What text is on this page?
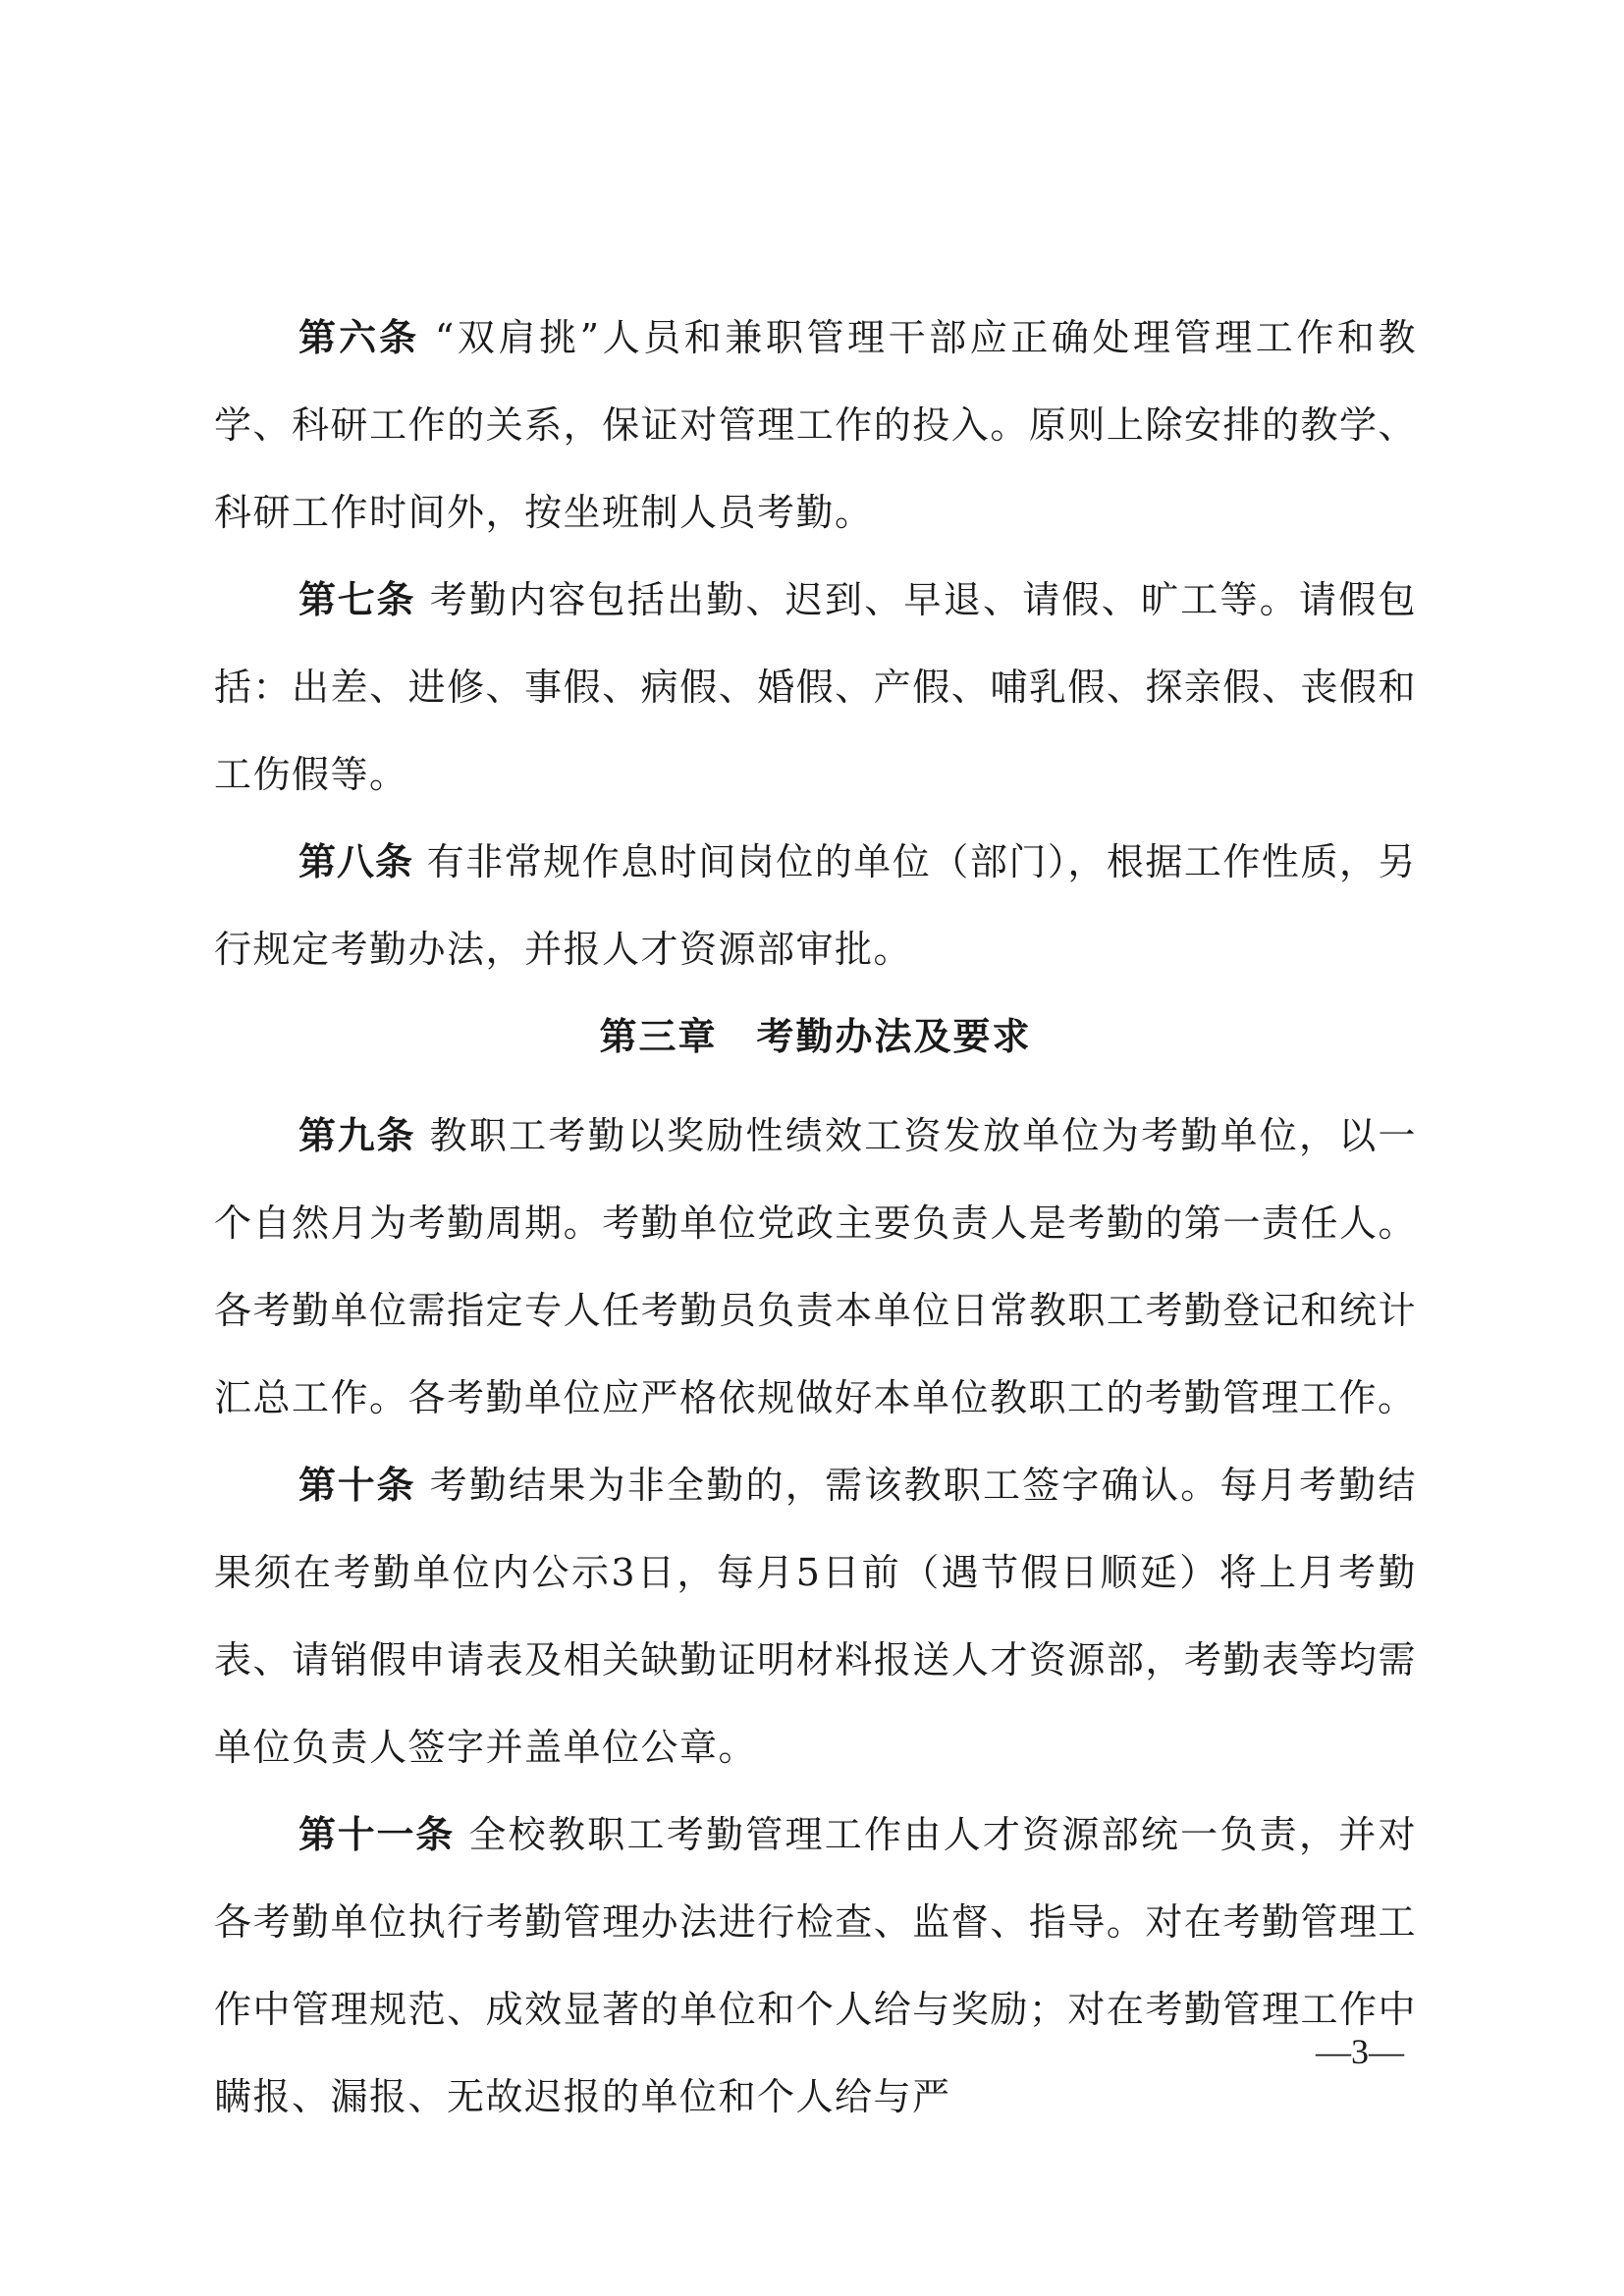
第六条 “双肩挑”人员和兼职管理干部应正确处理管理工作和教学、科研工作的关系，保证对管理工作的投入。原则上除安排的教学、科研工作时间外，按坐班制人员考勤。

第七条 考勤内容包括出勤、迟到、早退、请假、旷工等。请假包括：出差、进修、事假、病假、婚假、产假、哺乳假、探亲假、丧假和工伤假等。

第八条 有非常规作息时间岗位的单位（部门），根据工作性质，另行规定考勤办法，并报人才资源部审批。

第三章　考勤办法及要求

第九条 教职工考勤以奖励性绩效工资发放单位为考勤单位，以一个自然月为考勤周期。考勤单位党政主要负责人是考勤的第一责任人。各考勤单位需指定专人任考勤员负责本单位日常教职工考勤登记和统计汇总工作。各考勤单位应严格依规做好本单位教职工的考勤管理工作。

第十条 考勤结果为非全勤的，需该教职工签字确认。每月考勤结果须在考勤单位内公示3日，每月5日前（遇节假日顺延）将上月考勤表、请销假申请表及相关缺勤证明材料报送人才资源部，考勤表等均需单位负责人签字并盖单位公章。

第十一条 全校教职工考勤管理工作由人才资源部统一负责，并对各考勤单位执行考勤管理办法进行检查、监督、指导。对在考勤管理工作中管理规范、成效显著的单位和个人给与奖励；对在考勤管理工作中瞒报、漏报、无故迟报的单位和个人给与严

—3—
